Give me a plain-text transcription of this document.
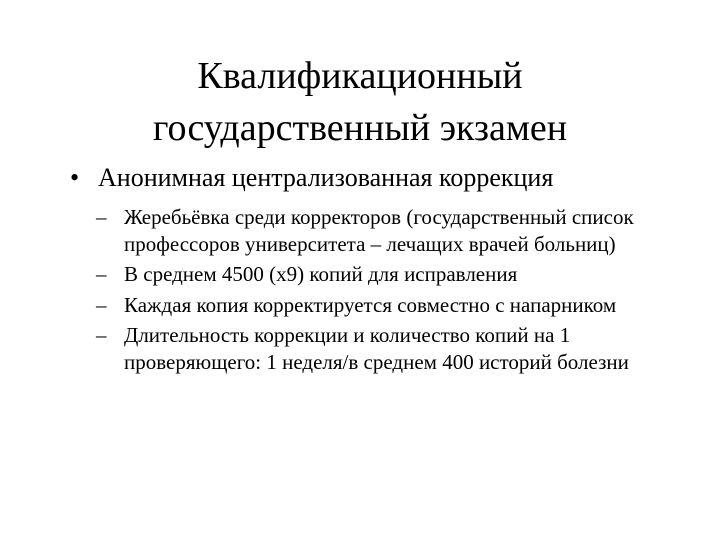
Квалификационный
государственный экзамен
• Анонимная централизованная коррекция
– Жеребьёвка среди корректоров (государственный список профессоров университета – лечащих врачей больниц)
– В среднем 4500 (х9) копий для исправления
– Каждая копия корректируется совместно с напарником
– Длительность коррекции и количество копий на 1 проверяющего: 1 неделя/в среднем 400 историй болезни
